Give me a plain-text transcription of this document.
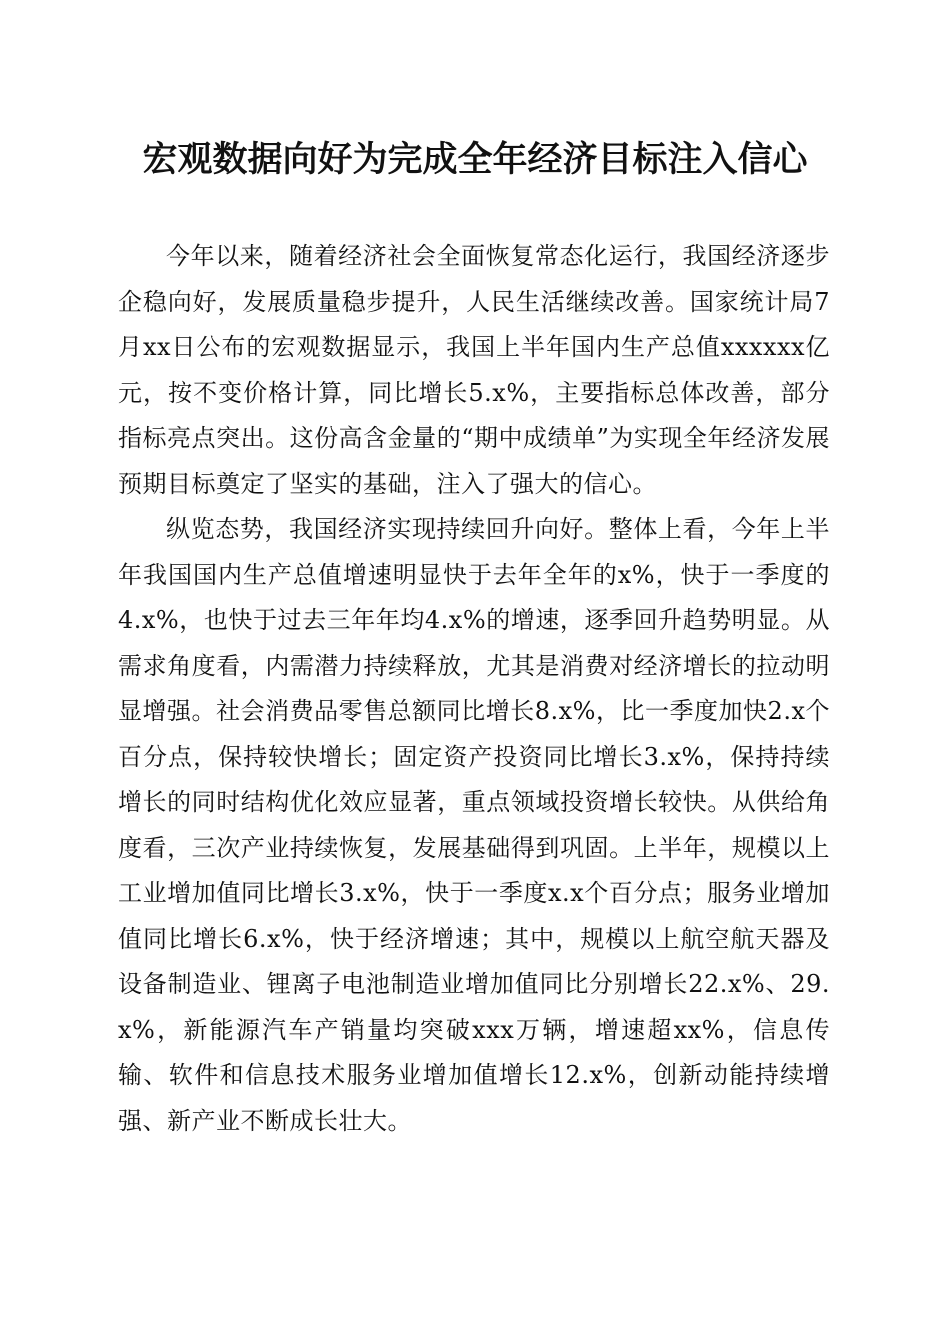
宏观数据向好为完成全年经济目标注入信心

今年以来，随着经济社会全面恢复常态化运行，我国经济逐步企稳向好，发展质量稳步提升，人民生活继续改善。国家统计局7月xx日公布的宏观数据显示，我国上半年国内生产总值xxxxxx亿元，按不变价格计算，同比增长5.x%，主要指标总体改善，部分指标亮点突出。这份高含金量的“期中成绩单”为实现全年经济发展预期目标奠定了坚实的基础，注入了强大的信心。

纵览态势，我国经济实现持续回升向好。整体上看，今年上半年我国国内生产总值增速明显快于去年全年的x%，快于一季度的4.x%，也快于过去三年年均4.x%的增速，逐季回升趋势明显。从需求角度看，内需潜力持续释放，尤其是消费对经济增长的拉动明显增强。社会消费品零售总额同比增长8.x%，比一季度加快2.x个百分点，保持较快增长；固定资产投资同比增长3.x%，保持持续增长的同时结构优化效应显著，重点领域投资增长较快。从供给角度看，三次产业持续恢复，发展基础得到巩固。上半年，规模以上工业增加值同比增长3.x%，快于一季度x.x个百分点；服务业增加值同比增长6.x%，快于经济增速；其中，规模以上航空航天器及设备制造业、锂离子电池制造业增加值同比分别增长22.x%、29.x%，新能源汽车产销量均突破xxx万辆，增速超xx%，信息传输、软件和信息技术服务业增加值增长12.x%，创新动能持续增强、新产业不断成长壮大。
